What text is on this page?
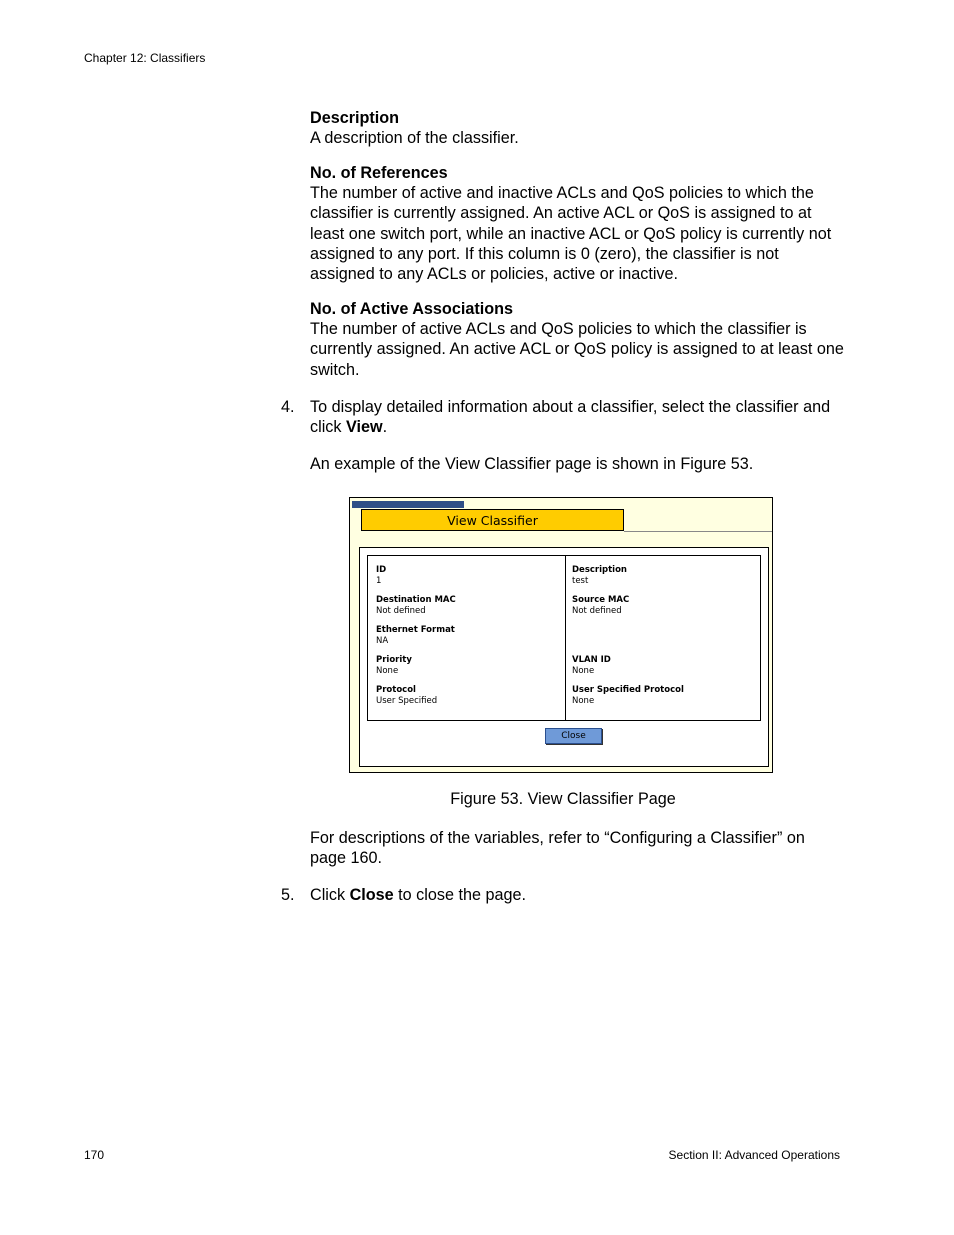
Chapter 12: Classifiers
Description
A description of the classifier.
No. of References
The number of active and inactive ACLs and QoS policies to which the classifier is currently assigned. An active ACL or QoS is assigned to at least one switch port, while an inactive ACL or QoS policy is currently not assigned to any port. If this column is 0 (zero), the classifier is not assigned to any ACLs or policies, active or inactive.
No. of Active Associations
The number of active ACLs and QoS policies to which the classifier is currently assigned. An active ACL or QoS policy is assigned to at least one switch.
4. To display detailed information about a classifier, select the classifier and click View.
An example of the View Classifier page is shown in Figure 53.
View Classifier
ID
1
Destination MAC
Not defined
Ethernet Format
NA
Priority
None
Protocol
User Specified
Description
test
Source MAC
Not defined
VLAN ID
None
User Specified Protocol
None
Close
Figure 53. View Classifier Page
For descriptions of the variables, refer to “Configuring a Classifier” on page 160.
5. Click Close to close the page.
170	Section II: Advanced Operations
